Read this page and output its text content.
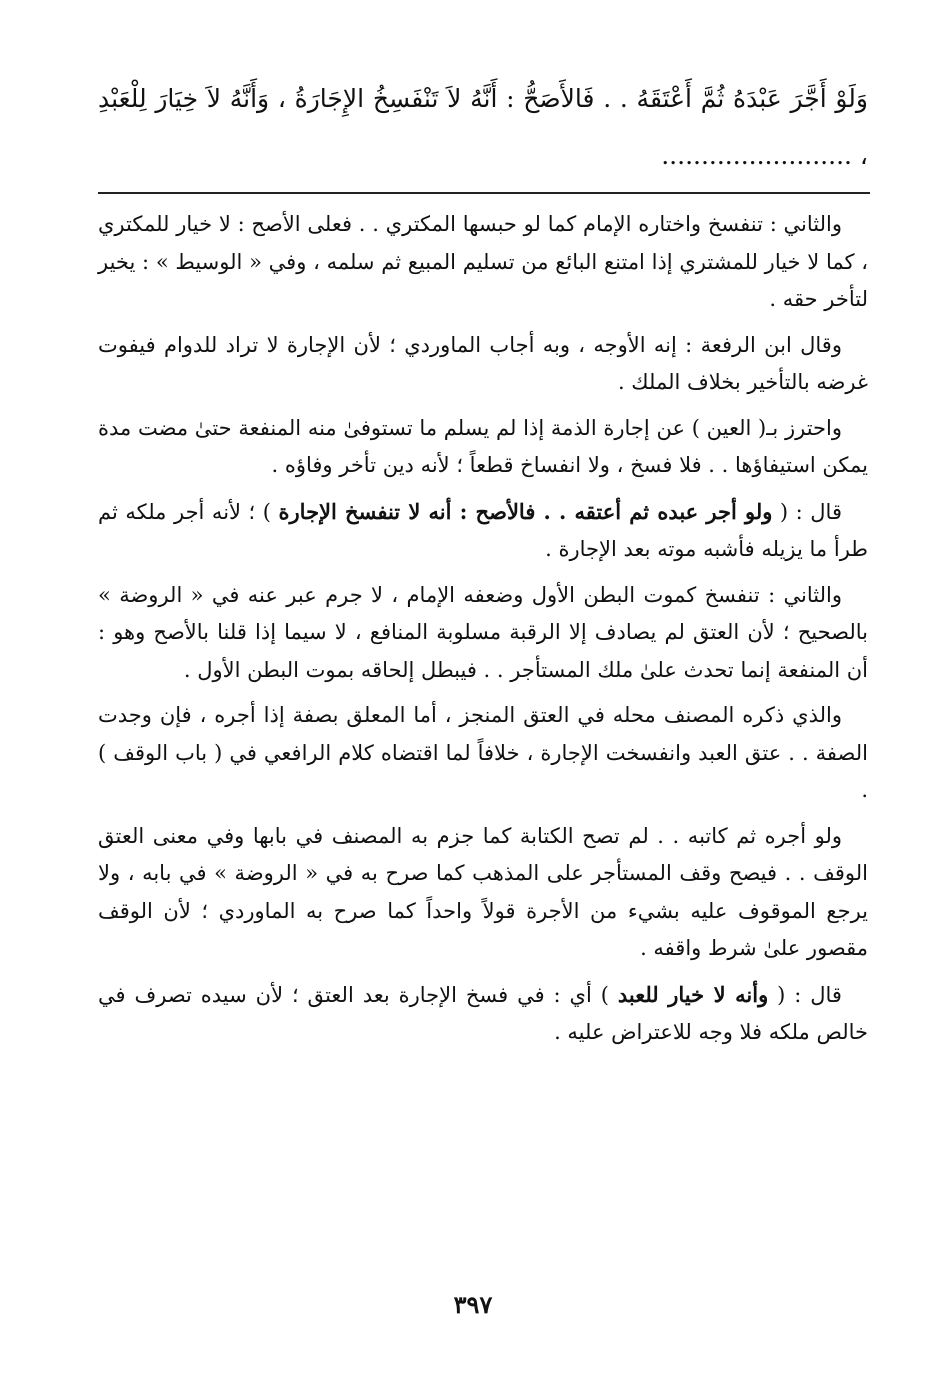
وَلَوْ أَجَّرَ عَبْدَهُ ثُمَّ أَعْتَقَهُ . . فَالأَصَحُّ : أَنَّهُ لاَ تَنْفَسِخُ الإِجَارَةُ ، وَأَنَّهُ لاَ خِيَارَ لِلْعَبْدِ ، ........................

والثاني : تنفسخ واختاره الإمام كما لو حبسها المكتري . . فعلى الأصح : لا خيار للمكتري ، كما لا خيار للمشتري إذا امتنع البائع من تسليم المبيع ثم سلمه ، وفي « الوسيط » : يخير لتأخر حقه .

وقال ابن الرفعة : إنه الأوجه ، وبه أجاب الماوردي ؛ لأن الإجارة لا تراد للدوام فيفوت غرضه بالتأخير بخلاف الملك .

واحترز بـ( العين ) عن إجارة الذمة إذا لم يسلم ما تستوفىٰ منه المنفعة حتىٰ مضت مدة يمكن استيفاؤها . . فلا فسخ ، ولا انفساخ قطعاً ؛ لأنه دين تأخر وفاؤه .

قال : ( ولو أجر عبده ثم أعتقه . . فالأصح : أنه لا تنفسخ الإجارة ) ؛ لأنه أجر ملكه ثم طرأ ما يزيله فأشبه موته بعد الإجارة .

والثاني : تنفسخ كموت البطن الأول وضعفه الإمام ، لا جرم عبر عنه في « الروضة » بالصحيح ؛ لأن العتق لم يصادف إلا الرقبة مسلوبة المنافع ، لا سيما إذا قلنا بالأصح وهو : أن المنفعة إنما تحدث علىٰ ملك المستأجر . . فيبطل إلحاقه بموت البطن الأول .

والذي ذكره المصنف محله في العتق المنجز ، أما المعلق بصفة إذا أجره ، فإن وجدت الصفة . . عتق العبد وانفسخت الإجارة ، خلافاً لما اقتضاه كلام الرافعي في ( باب الوقف ) .

ولو أجره ثم كاتبه . . لم تصح الكتابة كما جزم به المصنف في بابها وفي معنى العتق الوقف . . فيصح وقف المستأجر على المذهب كما صرح به في « الروضة » في بابه ، ولا يرجع الموقوف عليه بشيء من الأجرة قولاً واحداً كما صرح به الماوردي ؛ لأن الوقف مقصور علىٰ شرط واقفه .

قال : ( وأنه لا خيار للعبد ) أي : في فسخ الإجارة بعد العتق ؛ لأن سيده تصرف في خالص ملكه فلا وجه للاعتراض عليه .

٣٩٧
